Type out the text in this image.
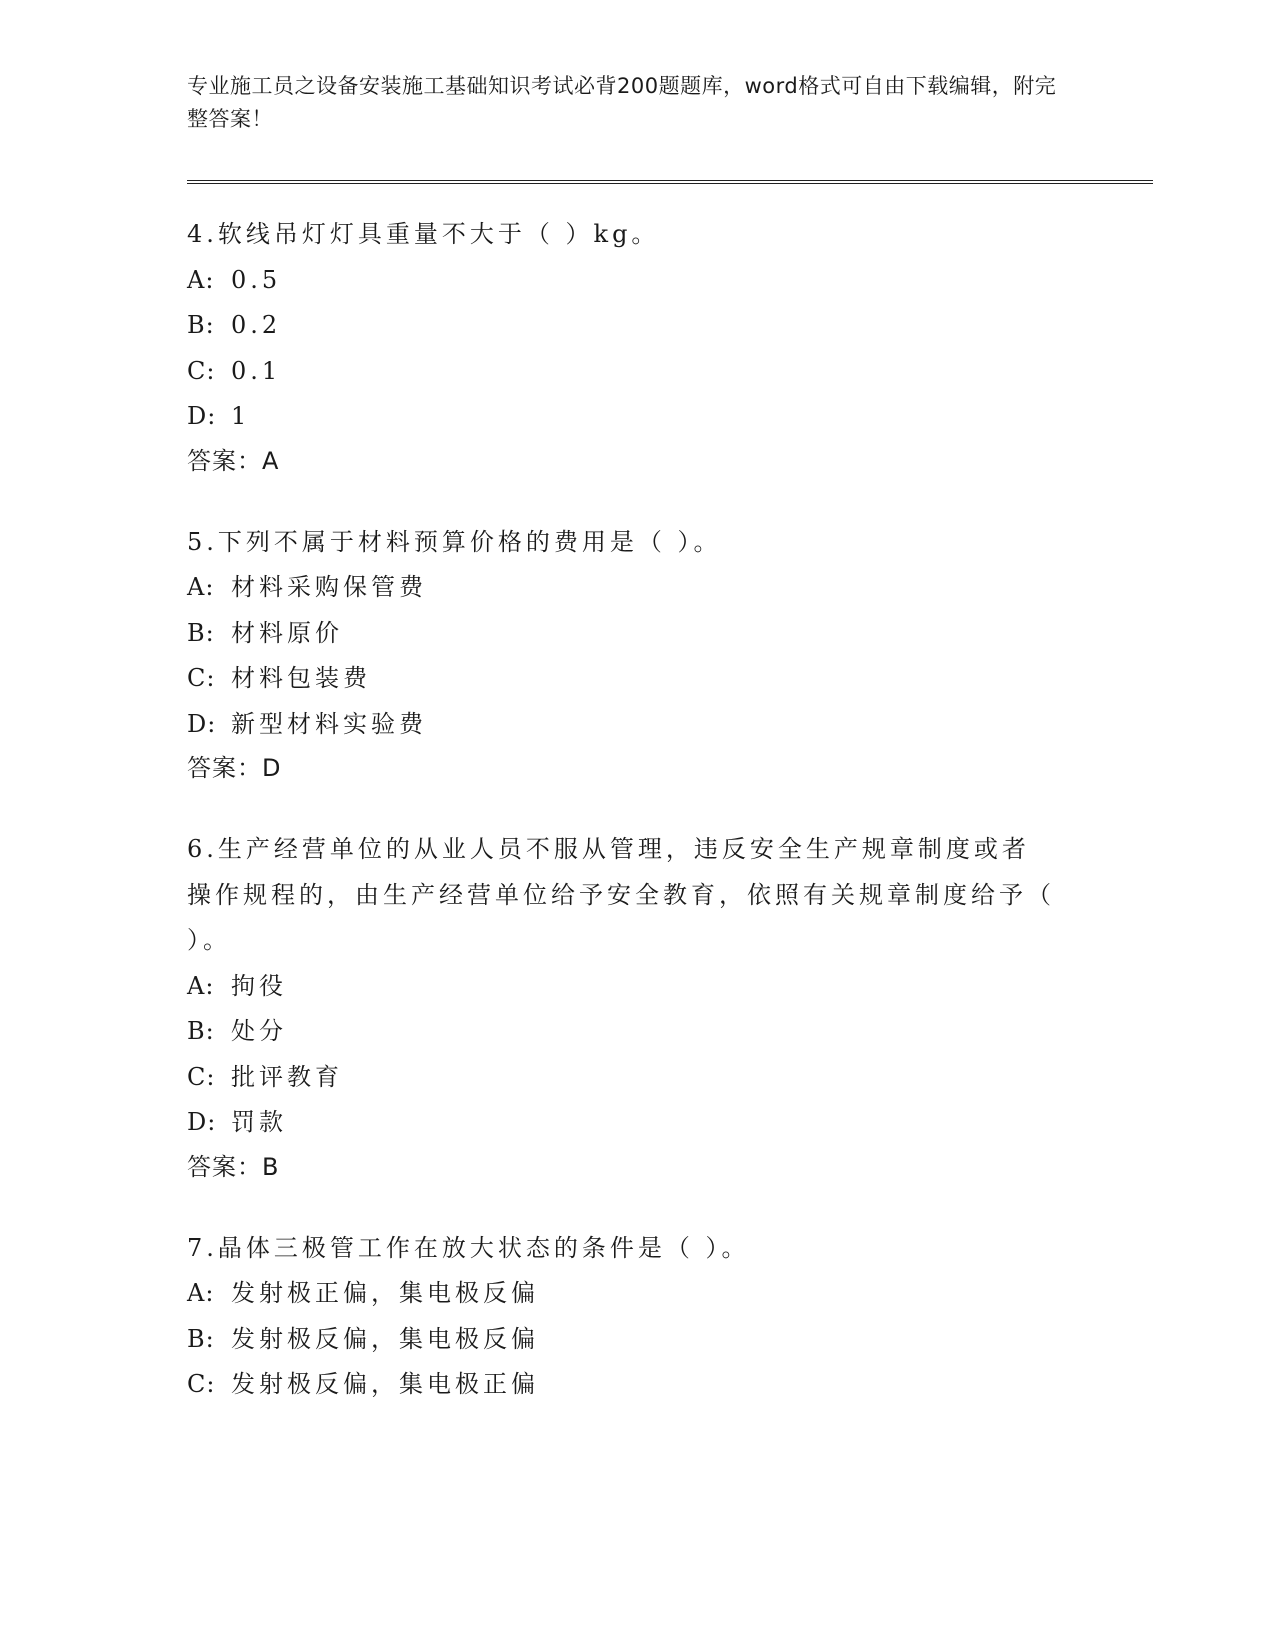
专业施工员之设备安装施工基础知识考试必背200题题库，word格式可自由下载编辑，附完整答案！

4.软线吊灯灯具重量不大于（ ）kg。

A: 0.5

B: 0.2

C: 0.1

D: 1

答案：A

5.下列不属于材料预算价格的费用是（ ）。

A: 材料采购保管费

B: 材料原价

C: 材料包装费

D: 新型材料实验费

答案：D

6.生产经营单位的从业人员不服从管理，违反安全生产规章制度或者操作规程的，由生产经营单位给予安全教育，依照有关规章制度给予（ ）。

A: 拘役

B: 处分

C: 批评教育

D: 罚款

答案：B

7.晶体三极管工作在放大状态的条件是（ ）。

A: 发射极正偏，集电极反偏

B: 发射极反偏，集电极反偏

C: 发射极反偏，集电极正偏
